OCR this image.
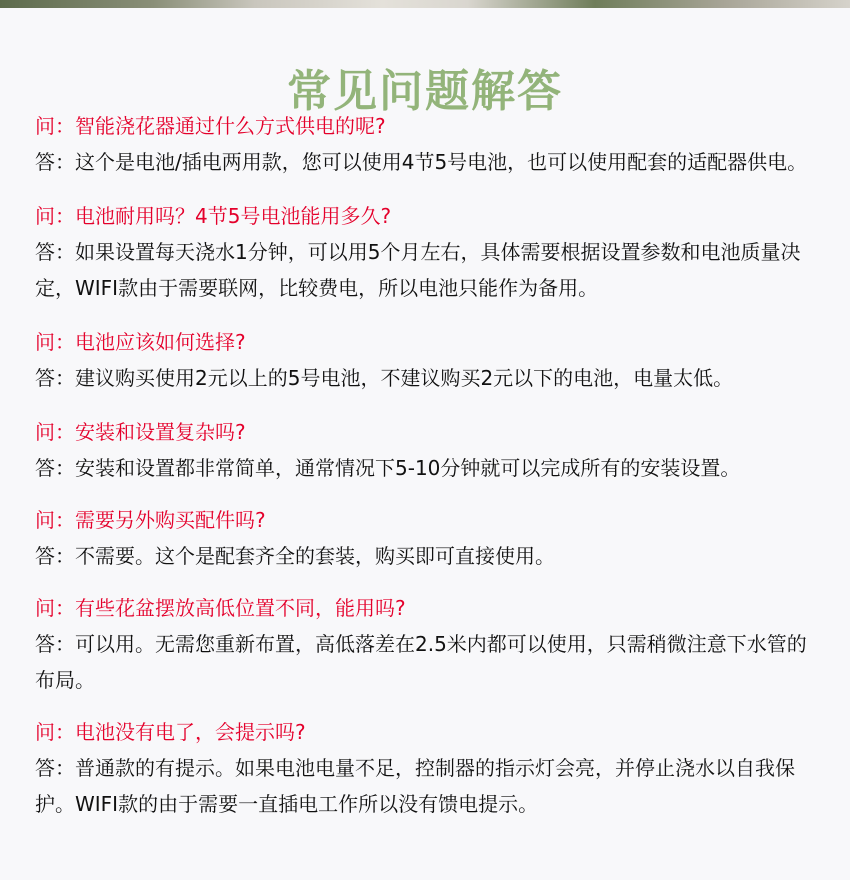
常见问题解答
问：智能浇花器通过什么方式供电的呢?
答：这个是电池/插电两用款，您可以使用4节5号电池，也可以使用配套的适配器供电。
问：电池耐用吗？4节5号电池能用多久?
答：如果设置每天浇水1分钟，可以用5个月左右，具体需要根据设置参数和电池质量决定，WIFI款由于需要联网，比较费电，所以电池只能作为备用。
问：电池应该如何选择?
答：建议购买使用2元以上的5号电池，不建议购买2元以下的电池，电量太低。
问：安装和设置复杂吗?
答：安装和设置都非常简单，通常情况下5-10分钟就可以完成所有的安装设置。
问：需要另外购买配件吗?
答：不需要。这个是配套齐全的套装，购买即可直接使用。
问：有些花盆摆放高低位置不同，能用吗?
答：可以用。无需您重新布置，高低落差在2.5米内都可以使用，只需稍微注意下水管的布局。
问：电池没有电了，会提示吗?
答：普通款的有提示。如果电池电量不足，控制器的指示灯会亮，并停止浇水以自我保护。WIFI款的由于需要一直插电工作所以没有馈电提示。
